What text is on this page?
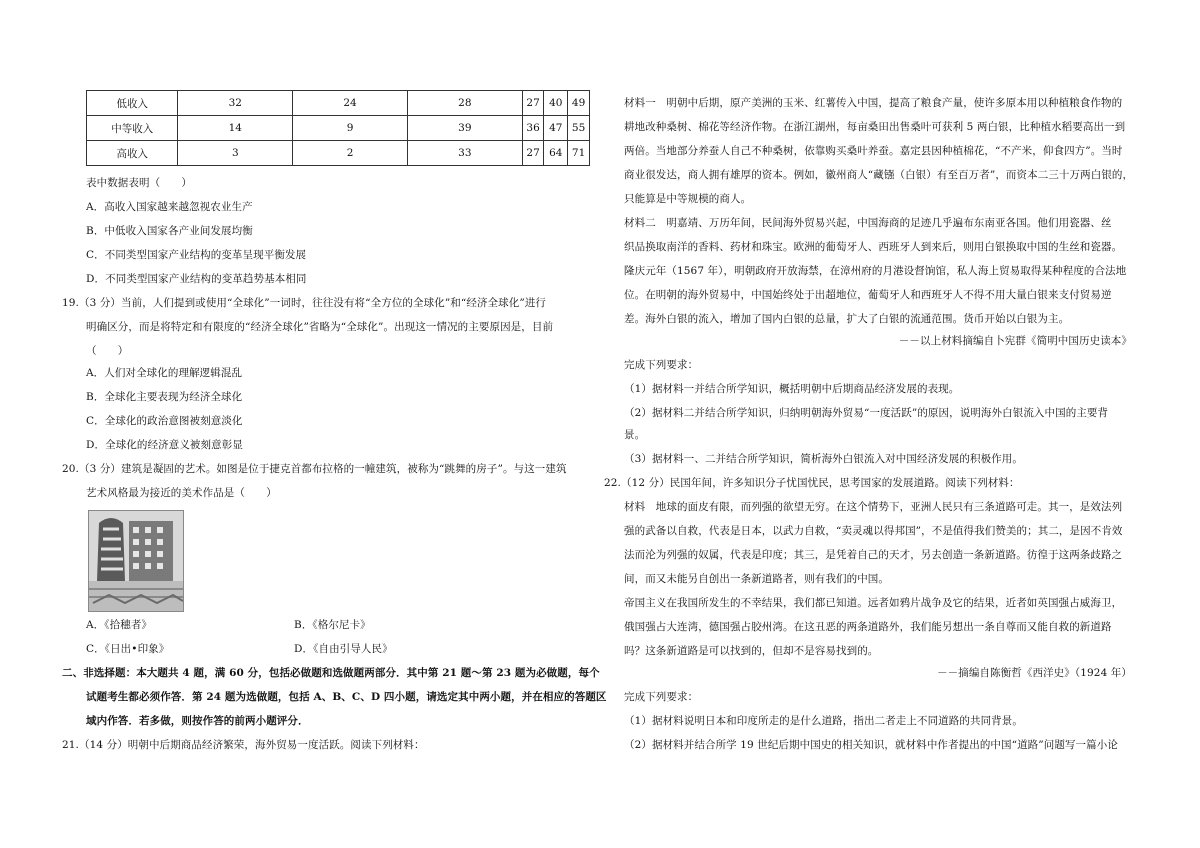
低收入	32	24	28	27	40	49
中等收入	14	9	39	36	47	55
高收入	3	2	33	27	64	71
表中数据表明（　　）
A．高收入国家越来越忽视农业生产
B．中低收入国家各产业间发展均衡
C．不同类型国家产业结构的变革呈现平衡发展
D．不同类型国家产业结构的变革趋势基本相同
19.（3 分）当前，人们提到或使用“全球化”一词时，往往没有将“全方位的全球化”和“经济全球化”进行
明确区分，而是将特定和有限度的“经济全球化”省略为“全球化”。出现这一情况的主要原因是，目前
（　　）
A．人们对全球化的理解逻辑混乱
B．全球化主要表现为经济全球化
C．全球化的政治意图被刻意淡化
D．全球化的经济意义被刻意彰显
20.（3 分）建筑是凝固的艺术。如图是位于捷克首都布拉格的一幢建筑，被称为“跳舞的房子”。与这一建筑
艺术风格最为接近的美术作品是（　　）
A．《拾穗者》	B．《格尔尼卡》
C．《日出•印象》	D．《自由引导人民》
二、非选择题：本大题共 4 题，满 60 分，包括必做题和选做题两部分．其中第 21 题～第 23 题为必做题，每个
试题考生都必须作答．第 24 题为选做题，包括 A、B、C、D 四小题，请选定其中两小题，并在相应的答题区
域内作答．若多做，则按作答的前两小题评分．
21.（14 分）明朝中后期商品经济繁荣，海外贸易一度活跃。阅读下列材料：
材料一　明朝中后期，原产美洲的玉米、红薯传入中国，提高了粮食产量，使许多原本用以种植粮食作物的
耕地改种桑树、棉花等经济作物。在浙江湖州，每亩桑田出售桑叶可获利 5 两白银，比种植水稻要高出一到
两倍。当地部分养蚕人自己不种桑树，依靠购买桑叶养蚕。嘉定县因种植棉花，“不产米，仰食四方”。当时
商业很发达，商人拥有雄厚的资本。例如，徽州商人“藏镪（白银）有至百万者”，而资本二三十万两白银的，
只能算是中等规模的商人。
材料二　明嘉靖、万历年间，民间海外贸易兴起，中国海商的足迹几乎遍布东南亚各国。他们用瓷器、丝
织品换取南洋的香料、药材和珠宝。欧洲的葡萄牙人、西班牙人到来后，则用白银换取中国的生丝和瓷器。
隆庆元年（1567 年），明朝政府开放海禁，在漳州府的月港设督饷馆，私人海上贸易取得某种程度的合法地
位。在明朝的海外贸易中，中国始终处于出超地位，葡萄牙人和西班牙人不得不用大量白银来支付贸易逆
差。海外白银的流入，增加了国内白银的总量，扩大了白银的流通范围。货币开始以白银为主。
－－以上材料摘编自卜宪群《简明中国历史读本》
完成下列要求：
（1）据材料一并结合所学知识，概括明朝中后期商品经济发展的表现。
（2）据材料二并结合所学知识，归纳明朝海外贸易“一度活跃”的原因，说明海外白银流入中国的主要背
景。
（3）据材料一、二并结合所学知识，简析海外白银流入对中国经济发展的积极作用。
22.（12 分）民国年间，许多知识分子忧国忧民，思考国家的发展道路。阅读下列材料：
材料　地球的面皮有限，而列强的欲望无穷。在这个情势下，亚洲人民只有三条道路可走。其一，是效法列
强的武备以自救，代表是日本，以武力自救，“卖灵魂以得邦国”，不是值得我们赞美的；其二，是因不肯效
法而沦为列强的奴属，代表是印度；其三，是凭着自己的天才，另去创造一条新道路。彷徨于这两条歧路之
间，而又未能另自创出一条新道路者，则有我们的中国。
帝国主义在我国所发生的不幸结果，我们都已知道。远者如鸦片战争及它的结果，近者如英国强占威海卫，
俄国强占大连湾，德国强占胶州湾。在这丑恶的两条道路外，我们能另想出一条自尊而又能自救的新道路
吗？这条新道路是可以找到的，但却不是容易找到的。
－－摘编自陈衡哲《西洋史》（1924 年）
完成下列要求：
（1）据材料说明日本和印度所走的是什么道路，指出二者走上不同道路的共同背景。
（2）据材料并结合所学 19 世纪后期中国史的相关知识，就材料中作者提出的中国“道路”问题写一篇小论
